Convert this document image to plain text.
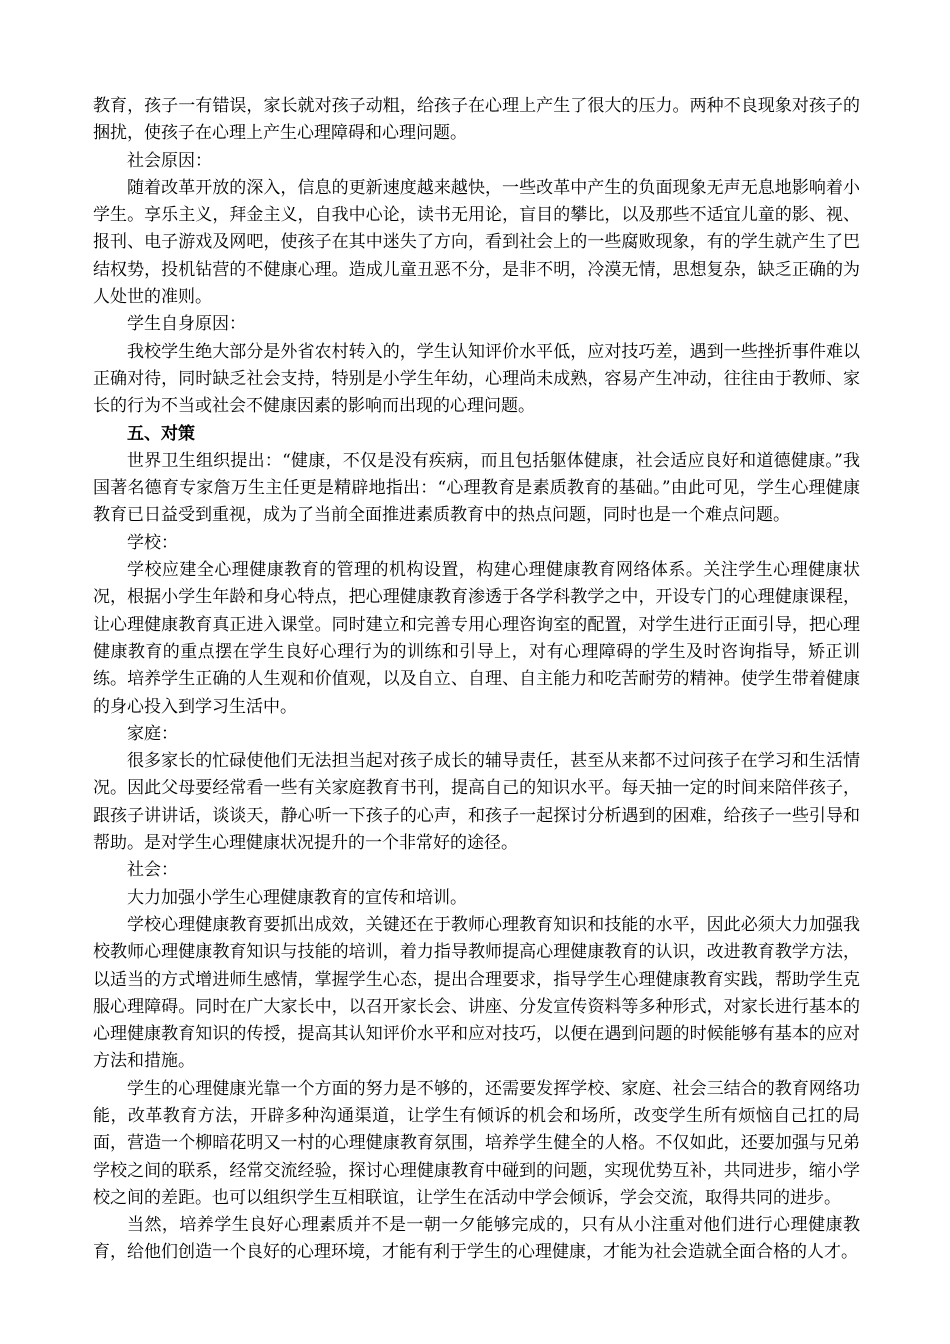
教育，孩子一有错误，家长就对孩子动粗，给孩子在心理上产生了很大的压力。两种不良现象对孩子的捆扰，使孩子在心理上产生心理障碍和心理问题。

社会原因：

随着改革开放的深入，信息的更新速度越来越快，一些改革中产生的负面现象无声无息地影响着小学生。享乐主义，拜金主义，自我中心论，读书无用论，盲目的攀比，以及那些不适宜儿童的影、视、报刊、电子游戏及网吧，使孩子在其中迷失了方向，看到社会上的一些腐败现象，有的学生就产生了巴结权势，投机钻营的不健康心理。造成儿童丑恶不分，是非不明，冷漠无情，思想复杂，缺乏正确的为人处世的准则。

学生自身原因：

我校学生绝大部分是外省农村转入的，学生认知评价水平低，应对技巧差，遇到一些挫折事件难以正确对待，同时缺乏社会支持，特别是小学生年幼，心理尚未成熟，容易产生冲动，往往由于教师、家长的行为不当或社会不健康因素的影响而出现的心理问题。

五、对策

世界卫生组织提出：“健康，不仅是没有疾病，而且包括躯体健康，社会适应良好和道德健康。”我国著名德育专家詹万生主任更是精辟地指出：“心理教育是素质教育的基础。”由此可见，学生心理健康教育已日益受到重视，成为了当前全面推进素质教育中的热点问题，同时也是一个难点问题。

学校：

学校应建全心理健康教育的管理的机构设置，构建心理健康教育网络体系。关注学生心理健康状况，根据小学生年龄和身心特点，把心理健康教育渗透于各学科教学之中，开设专门的心理健康课程，让心理健康教育真正进入课堂。同时建立和完善专用心理咨询室的配置，对学生进行正面引导，把心理健康教育的重点摆在学生良好心理行为的训练和引导上，对有心理障碍的学生及时咨询指导，矫正训练。培养学生正确的人生观和价值观，以及自立、自理、自主能力和吃苦耐劳的精神。使学生带着健康的身心投入到学习生活中。

家庭：

很多家长的忙碌使他们无法担当起对孩子成长的辅导责任，甚至从来都不过问孩子在学习和生活情况。因此父母要经常看一些有关家庭教育书刊，提高自己的知识水平。每天抽一定的时间来陪伴孩子，跟孩子讲讲话，谈谈天，静心听一下孩子的心声，和孩子一起探讨分析遇到的困难，给孩子一些引导和帮助。是对学生心理健康状况提升的一个非常好的途径。

社会：

大力加强小学生心理健康教育的宣传和培训。

学校心理健康教育要抓出成效，关键还在于教师心理教育知识和技能的水平，因此必须大力加强我校教师心理健康教育知识与技能的培训，着力指导教师提高心理健康教育的认识，改进教育教学方法，以适当的方式增进师生感情，掌握学生心态，提出合理要求，指导学生心理健康教育实践，帮助学生克服心理障碍。同时在广大家长中，以召开家长会、讲座、分发宣传资料等多种形式，对家长进行基本的心理健康教育知识的传授，提高其认知评价水平和应对技巧，以便在遇到问题的时候能够有基本的应对方法和措施。

学生的心理健康光靠一个方面的努力是不够的，还需要发挥学校、家庭、社会三结合的教育网络功能，改革教育方法，开辟多种沟通渠道，让学生有倾诉的机会和场所，改变学生所有烦恼自己扛的局面，营造一个柳暗花明又一村的心理健康教育氛围，培养学生健全的人格。不仅如此，还要加强与兄弟学校之间的联系，经常交流经验，探讨心理健康教育中碰到的问题，实现优势互补，共同进步，缩小学校之间的差距。也可以组织学生互相联谊，让学生在活动中学会倾诉，学会交流，取得共同的进步。

当然，培养学生良好心理素质并不是一朝一夕能够完成的，只有从小注重对他们进行心理健康教育，给他们创造一个良好的心理环境，才能有利于学生的心理健康，才能为社会造就全面合格的人才。
